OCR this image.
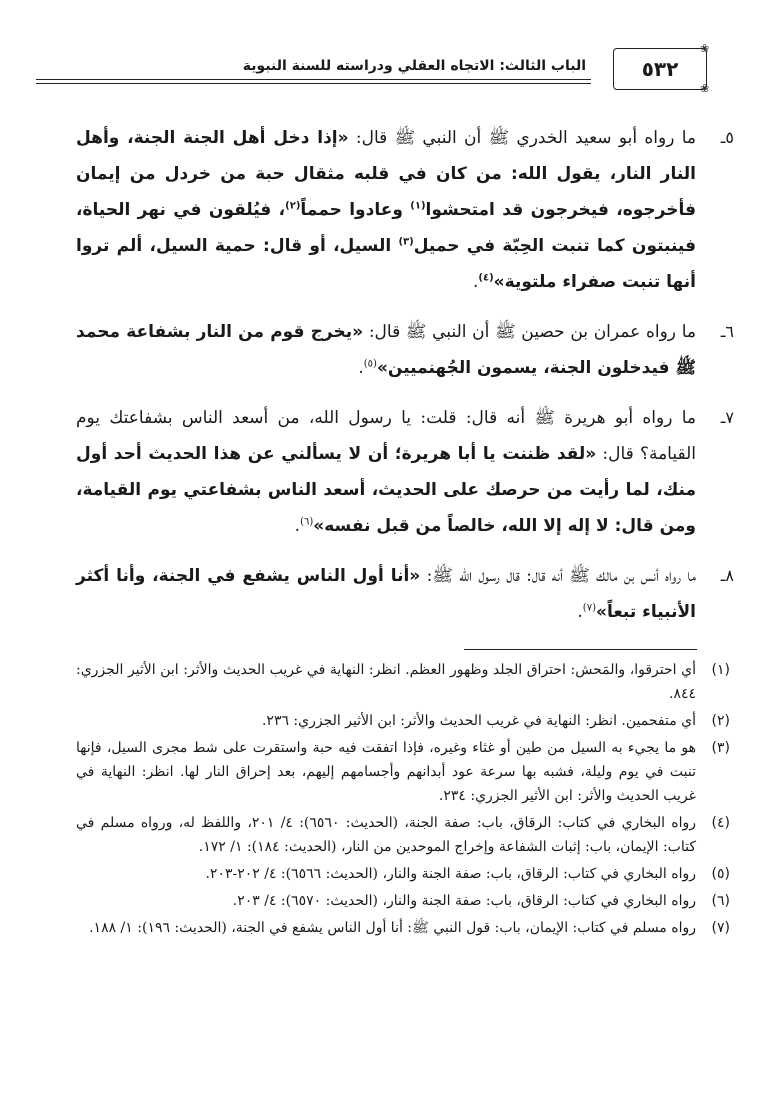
الباب الثالث: الاتجاه العقلي ودراسته للسنة النبوية	٥٣٢
❀
❀
٥ـ
ما رواه أبو سعيد الخدري ﷺ أن النبي ﷺ قال: «إذا دخل أهل الجنة الجنة، وأهل النار النار، يقول الله: من كان في قلبه مثقال حبة من خردل من إيمان فأخرجوه، فيخرجون قد امتحشوا$^{(١)}$ وعادوا حمماً$^{(٢)}$، فيُلقون في نهر الحياة، فينبتون كما تنبت الحِبّة في حميل$^{(٣)}$ السيل، أو قال: حمية السيل، ألم تروا أنها تنبت صفراء ملتوية»$^{(٤)}$.
٦ـ
ما رواه عمران بن حصين ﷺ أن النبي ﷺ قال: «يخرج قوم من النار بشفاعة محمد ﷺ فيدخلون الجنة، يسمون الجُهنميين»$^{(٥)}$.
٧ـ
ما رواه أبو هريرة ﷺ أنه قال: قلت: يا رسول الله، من أسعد الناس بشفاعتك يوم القيامة؟ قال: «لقد ظننت يا أبا هريرة؛ أن لا يسألني عن هذا الحديث أحد أول منك، لما رأيت من حرصك على الحديث، أسعد الناس بشفاعتي يوم القيامة، ومن قال: لا إله إلا الله، خالصاً من قبل نفسه»$^{(٦)}$.
٨ـ
ما رواه أنس بن مالك ﷺ أنه قال: قال رسول الله ﷺ: «أنا أول الناس يشفع في الجنة، وأنا أكثر الأنبياء تبعاً»$^{(٧)}$.
(١)
أي احترقوا، والمَحش: احتراق الجلد وظهور العظم. انظر: النهاية في غريب الحديث والأثر: ابن الأثير الجزري: ٨٤٤.
(٢)
أي متفحمين. انظر: النهاية في غريب الحديث والأثر: ابن الأثير الجزري: ٢٣٦.
(٣)
هو ما يجيء به السيل من طين أو غثاء وغيره، فإذا اتفقت فيه حبة واستقرت على شط مجرى السيل، فإنها تنبت في يوم وليلة، فشبه بها سرعة عود أبدانهم وأجسامهم إليهم، بعد إحراق النار لها. انظر: النهاية في غريب الحديث والأثر: ابن الأثير الجزري: ٢٣٤.
(٤)
رواه البخاري في كتاب: الرقاق، باب: صفة الجنة، (الحديث: ٦٥٦٠): ٤/ ٢٠١، واللفظ له، ورواه مسلم في كتاب: الإيمان، باب: إثبات الشفاعة وإخراج الموحدين من النار، (الحديث: ١٨٤): ١/ ١٧٢.
(٥)
رواه البخاري في كتاب: الرقاق، باب: صفة الجنة والنار، (الحديث: ٦٥٦٦): ٤/ ٢٠٢-٢٠٣.
(٦)
رواه البخاري في كتاب: الرقاق، باب: صفة الجنة والنار، (الحديث: ٦٥٧٠): ٤/ ٢٠٣.
(٧)
رواه مسلم في كتاب: الإيمان، باب: قول النبي ﷺ: أنا أول الناس يشفع في الجنة، (الحديث: ١٩٦): ١/ ١٨٨.
